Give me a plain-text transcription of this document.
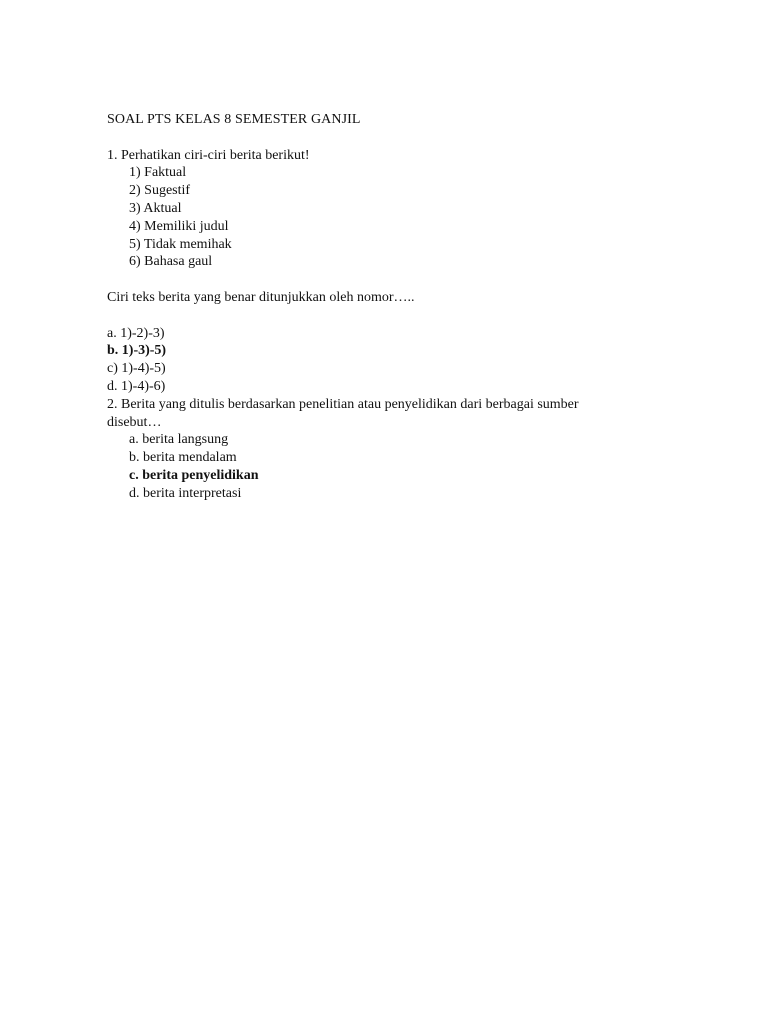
SOAL PTS KELAS 8 SEMESTER GANJIL

1. Perhatikan ciri-ciri berita berikut!

1) Faktual

2) Sugestif

3) Aktual

4) Memiliki judul

5) Tidak memihak

6) Bahasa gaul

Ciri teks berita yang benar ditunjukkan oleh nomor…..

a. 1)-2)-3)

b. 1)-3)-5)

c) 1)-4)-5)

d. 1)-4)-6)

2. Berita yang ditulis berdasarkan penelitian atau penyelidikan dari berbagai sumber

disebut…

a. berita langsung

b. berita mendalam

c. berita penyelidikan

d. berita interpretasi
